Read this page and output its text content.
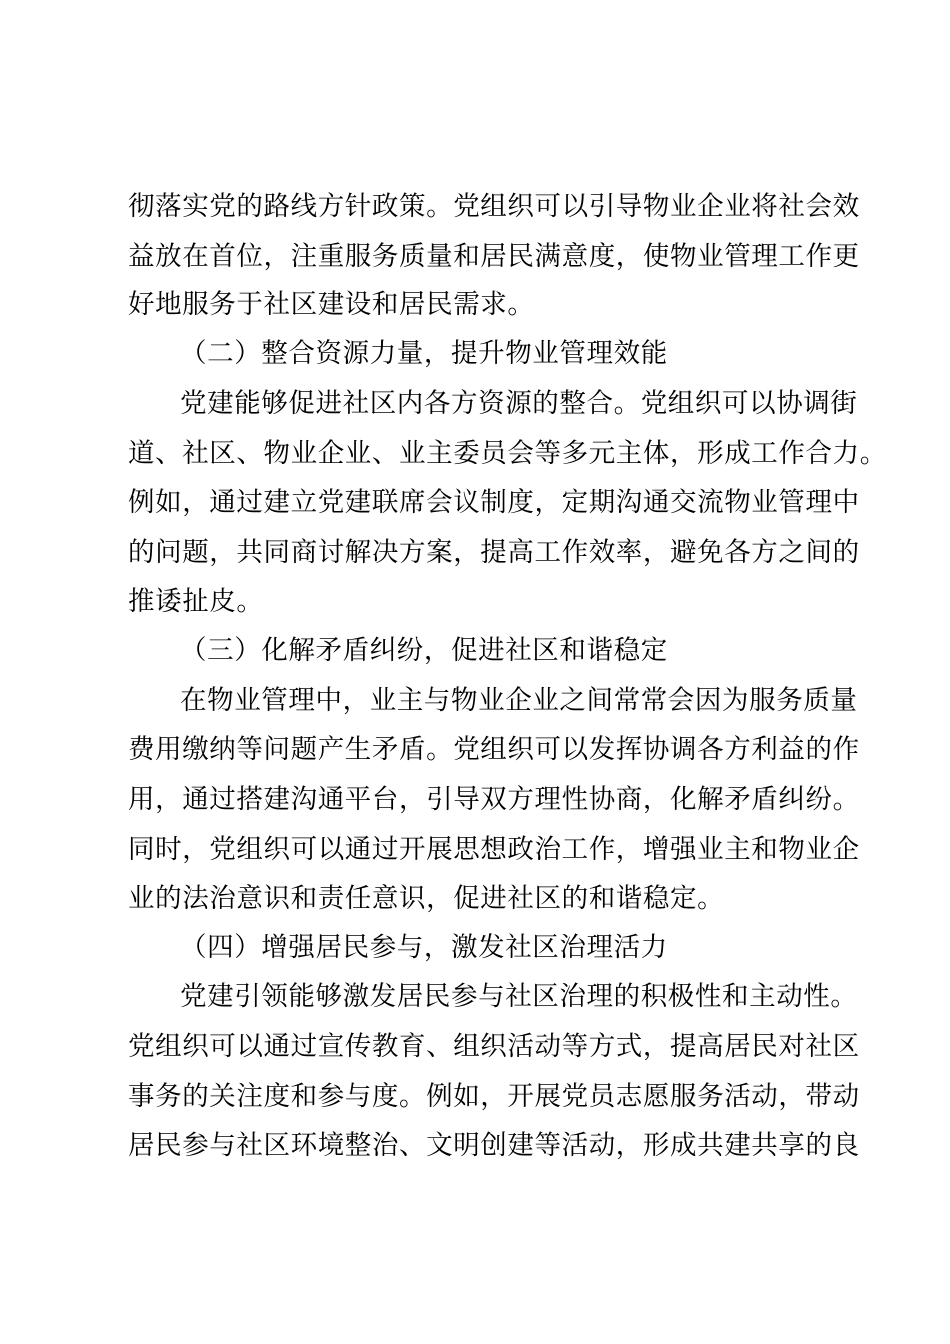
彻落实党的路线方针政策。党组织可以引导物业企业将社会效
益放在首位，注重服务质量和居民满意度，使物业管理工作更
好地服务于社区建设和居民需求。
（二）整合资源力量，提升物业管理效能
党建能够促进社区内各方资源的整合。党组织可以协调街
道、社区、物业企业、业主委员会等多元主体，形成工作合力。
例如，通过建立党建联席会议制度，定期沟通交流物业管理中
的问题，共同商讨解决方案，提高工作效率，避免各方之间的
推诿扯皮。
（三）化解矛盾纠纷，促进社区和谐稳定
在物业管理中，业主与物业企业之间常常会因为服务质量
费用缴纳等问题产生矛盾。党组织可以发挥协调各方利益的作
用，通过搭建沟通平台，引导双方理性协商，化解矛盾纠纷。
同时，党组织可以通过开展思想政治工作，增强业主和物业企
业的法治意识和责任意识，促进社区的和谐稳定。
（四）增强居民参与，激发社区治理活力
党建引领能够激发居民参与社区治理的积极性和主动性。
党组织可以通过宣传教育、组织活动等方式，提高居民对社区
事务的关注度和参与度。例如，开展党员志愿服务活动，带动
居民参与社区环境整治、文明创建等活动，形成共建共享的良
